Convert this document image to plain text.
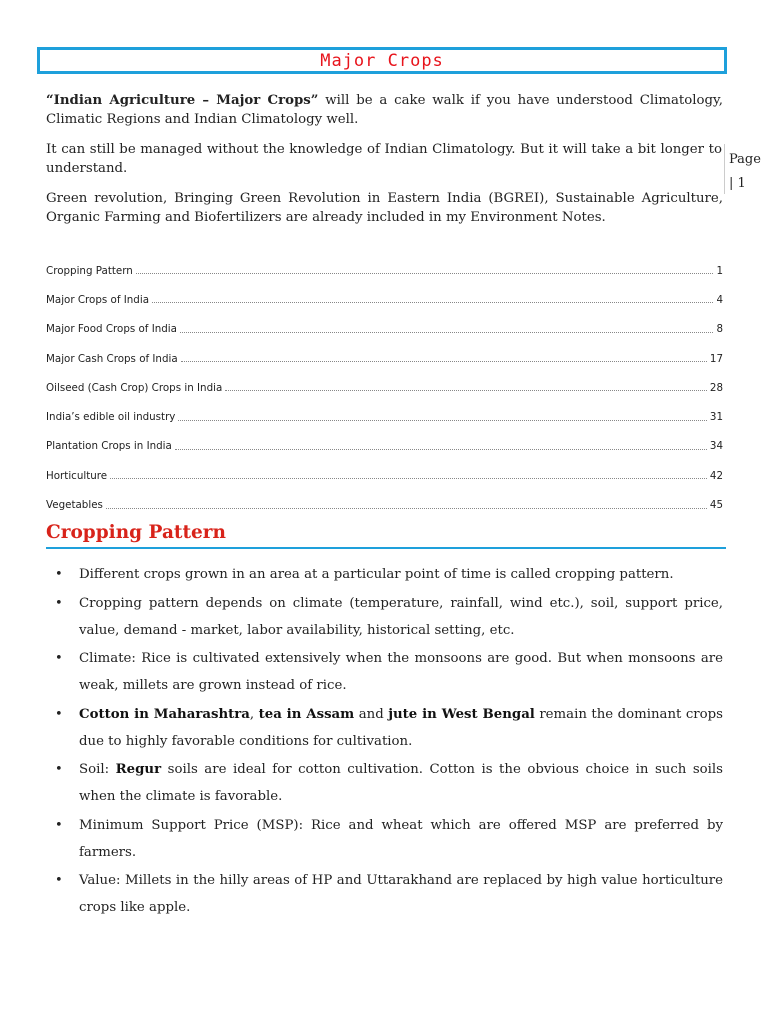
Major Crops
Page
| 1

“Indian Agriculture – Major Crops” will be a cake walk if you have understood Climatology, Climatic Regions and Indian Climatology well.

It can still be managed without the knowledge of Indian Climatology. But it will take a bit longer to understand.

Green revolution, Bringing Green Revolution in Eastern India (BGREI), Sustainable Agriculture, Organic Farming and Biofertilizers are already included in my Environment Notes.

Cropping Pattern	1
Major Crops of India	4
Major Food Crops of India	8
Major Cash Crops of India	17
Oilseed (Cash Crop) Crops in India	28
India’s edible oil industry	31
Plantation Crops in India	34
Horticulture	42
Vegetables	45
Cropping Pattern
• Different crops grown in an area at a particular point of time is called cropping pattern.
• Cropping pattern depends on climate (temperature, rainfall, wind etc.), soil, support price, value, demand - market, labor availability, historical setting, etc.
• Climate: Rice is cultivated extensively when the monsoons are good. But when monsoons are weak, millets are grown instead of rice.
• Cotton in Maharashtra, tea in Assam and jute in West Bengal remain the dominant crops due to highly favorable conditions for cultivation.
• Soil: Regur soils are ideal for cotton cultivation. Cotton is the obvious choice in such soils when the climate is favorable.
• Minimum Support Price (MSP): Rice and wheat which are offered MSP are preferred by farmers.
• Value: Millets in the hilly areas of HP and Uttarakhand are replaced by high value horticulture crops like apple.
